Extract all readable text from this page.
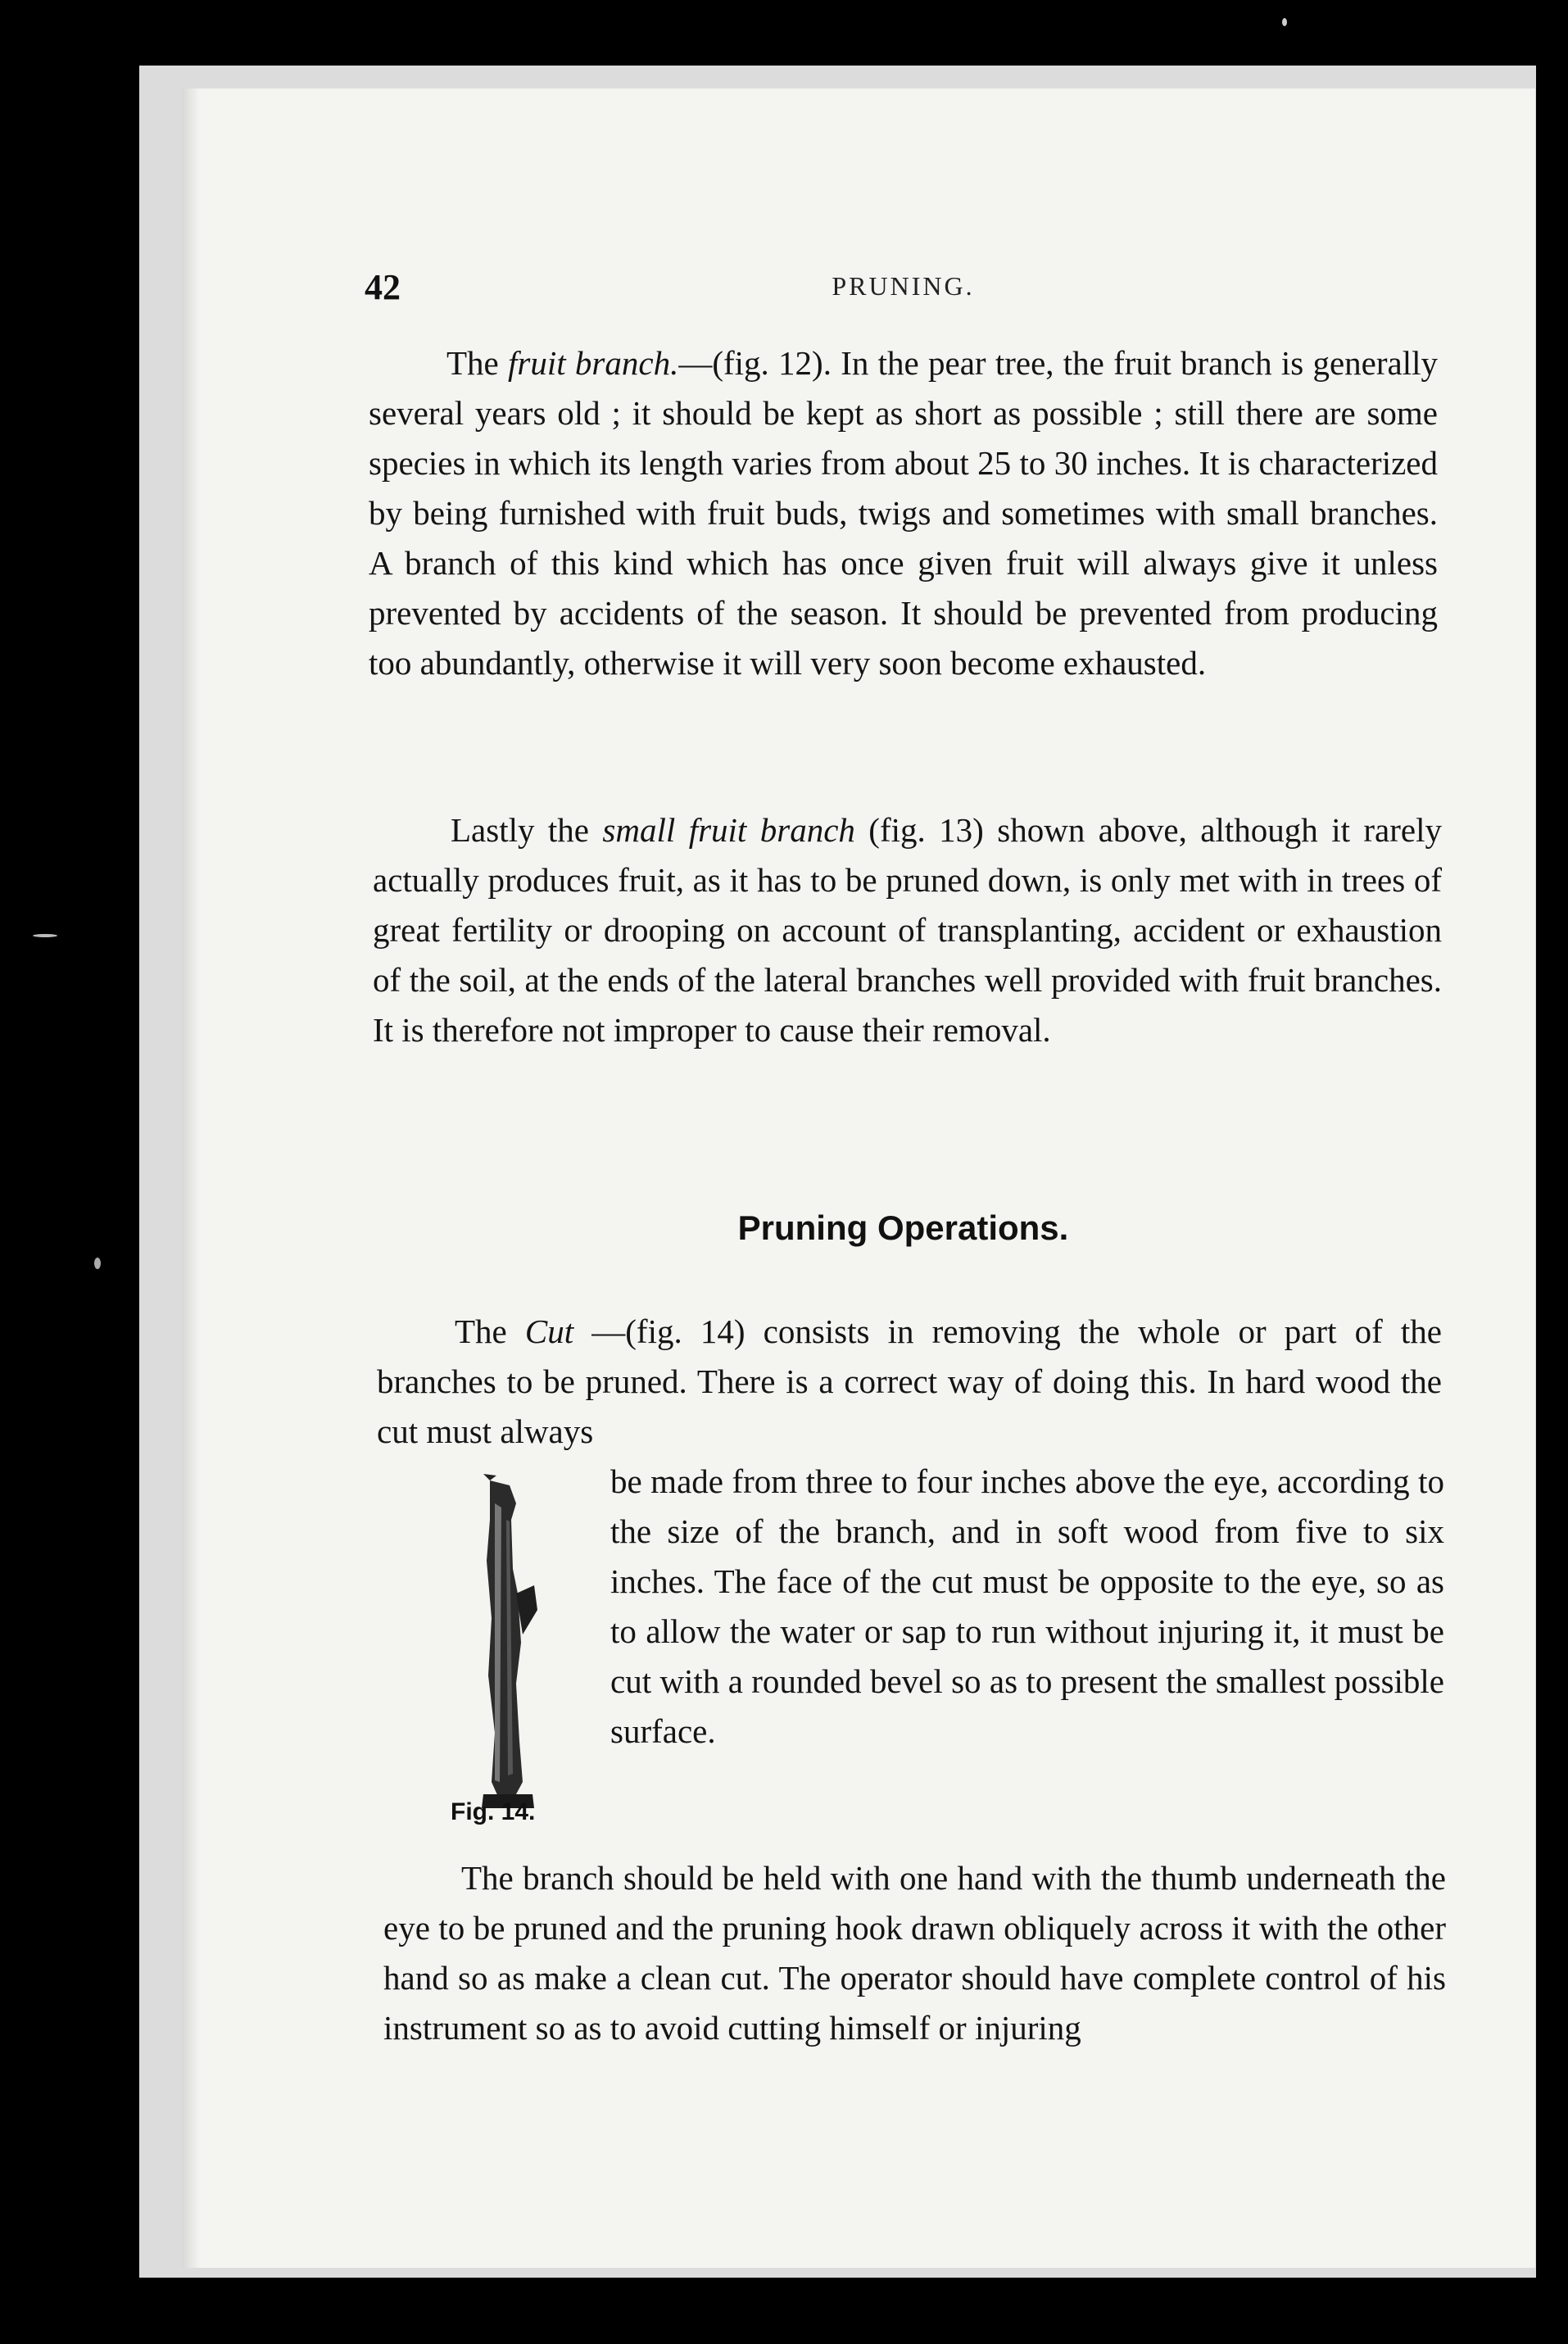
42	PRUNING.

The fruit branch.—(fig. 12). In the pear tree, the fruit branch is generally several years old ; it should be kept as short as possible ; still there are some species in which its length varies from about 25 to 30 inches. It is characterized by being furnished with fruit buds, twigs and sometimes with small branches. A branch of this kind which has once given fruit will always give it unless prevented by accidents of the season. It should be prevented from producing too abundantly, otherwise it will very soon become exhausted.

Lastly the small fruit branch (fig. 13) shown above, although it rarely actually produces fruit, as it has to be pruned down, is only met with in trees of great fertility or drooping on account of transplanting, accident or exhaustion of the soil, at the ends of the lateral branches well provided with fruit branches. It is therefore not improper to cause their removal.

Pruning Operations.

The Cut —(fig. 14) consists in removing the whole or part of the branches to be pruned. There is a correct way of doing this. In hard wood the cut must always

be made from three to four inches above the eye, according to the size of the branch, and in soft wood from five to six inches. The face of the cut must be opposite to the eye, so as to allow the water or sap to run without injuring it, it must be cut with a rounded bevel so as to present the smallest possible surface.

Fig. 14.

The branch should be held with one hand with the thumb underneath the eye to be pruned and the pruning hook drawn obliquely across it with the other hand so as make a clean cut. The operator should have complete control of his instrument so as to avoid cutting himself or injuring
